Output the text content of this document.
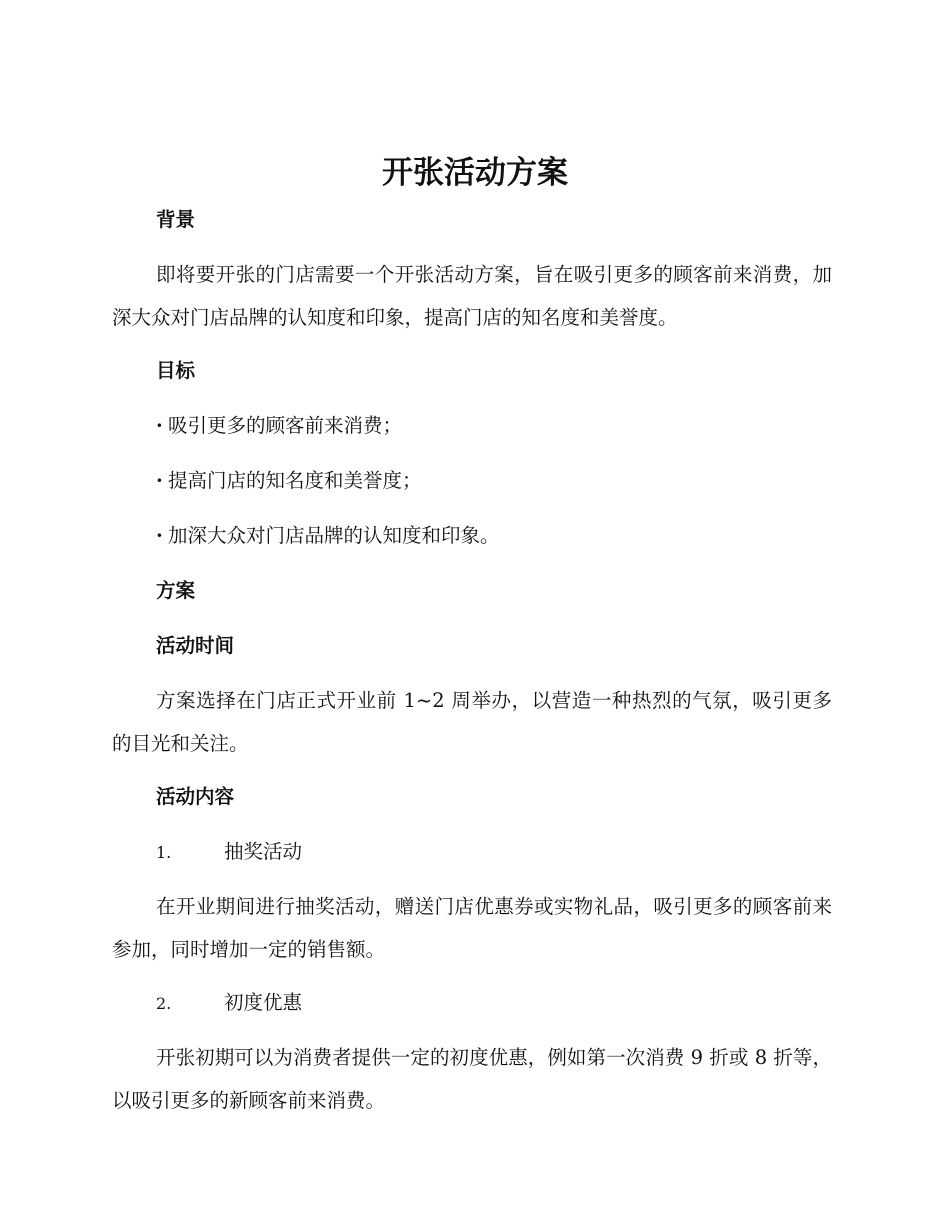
开张活动方案
背景

即将要开张的门店需要一个开张活动方案，旨在吸引更多的顾客前来消费，加深大众对门店品牌的认知度和印象，提高门店的知名度和美誉度。

目标

· 吸引更多的顾客前来消费；

· 提高门店的知名度和美誉度；

· 加深大众对门店品牌的认知度和印象。

方案
活动时间

方案选择在门店正式开业前 1~2 周举办，以营造一种热烈的气氛，吸引更多的目光和关注。

活动内容

1.	抽奖活动

在开业期间进行抽奖活动，赠送门店优惠券或实物礼品，吸引更多的顾客前来参加，同时增加一定的销售额。

2.	初度优惠

开张初期可以为消费者提供一定的初度优惠，例如第一次消费 9 折或 8 折等，以吸引更多的新顾客前来消费。
